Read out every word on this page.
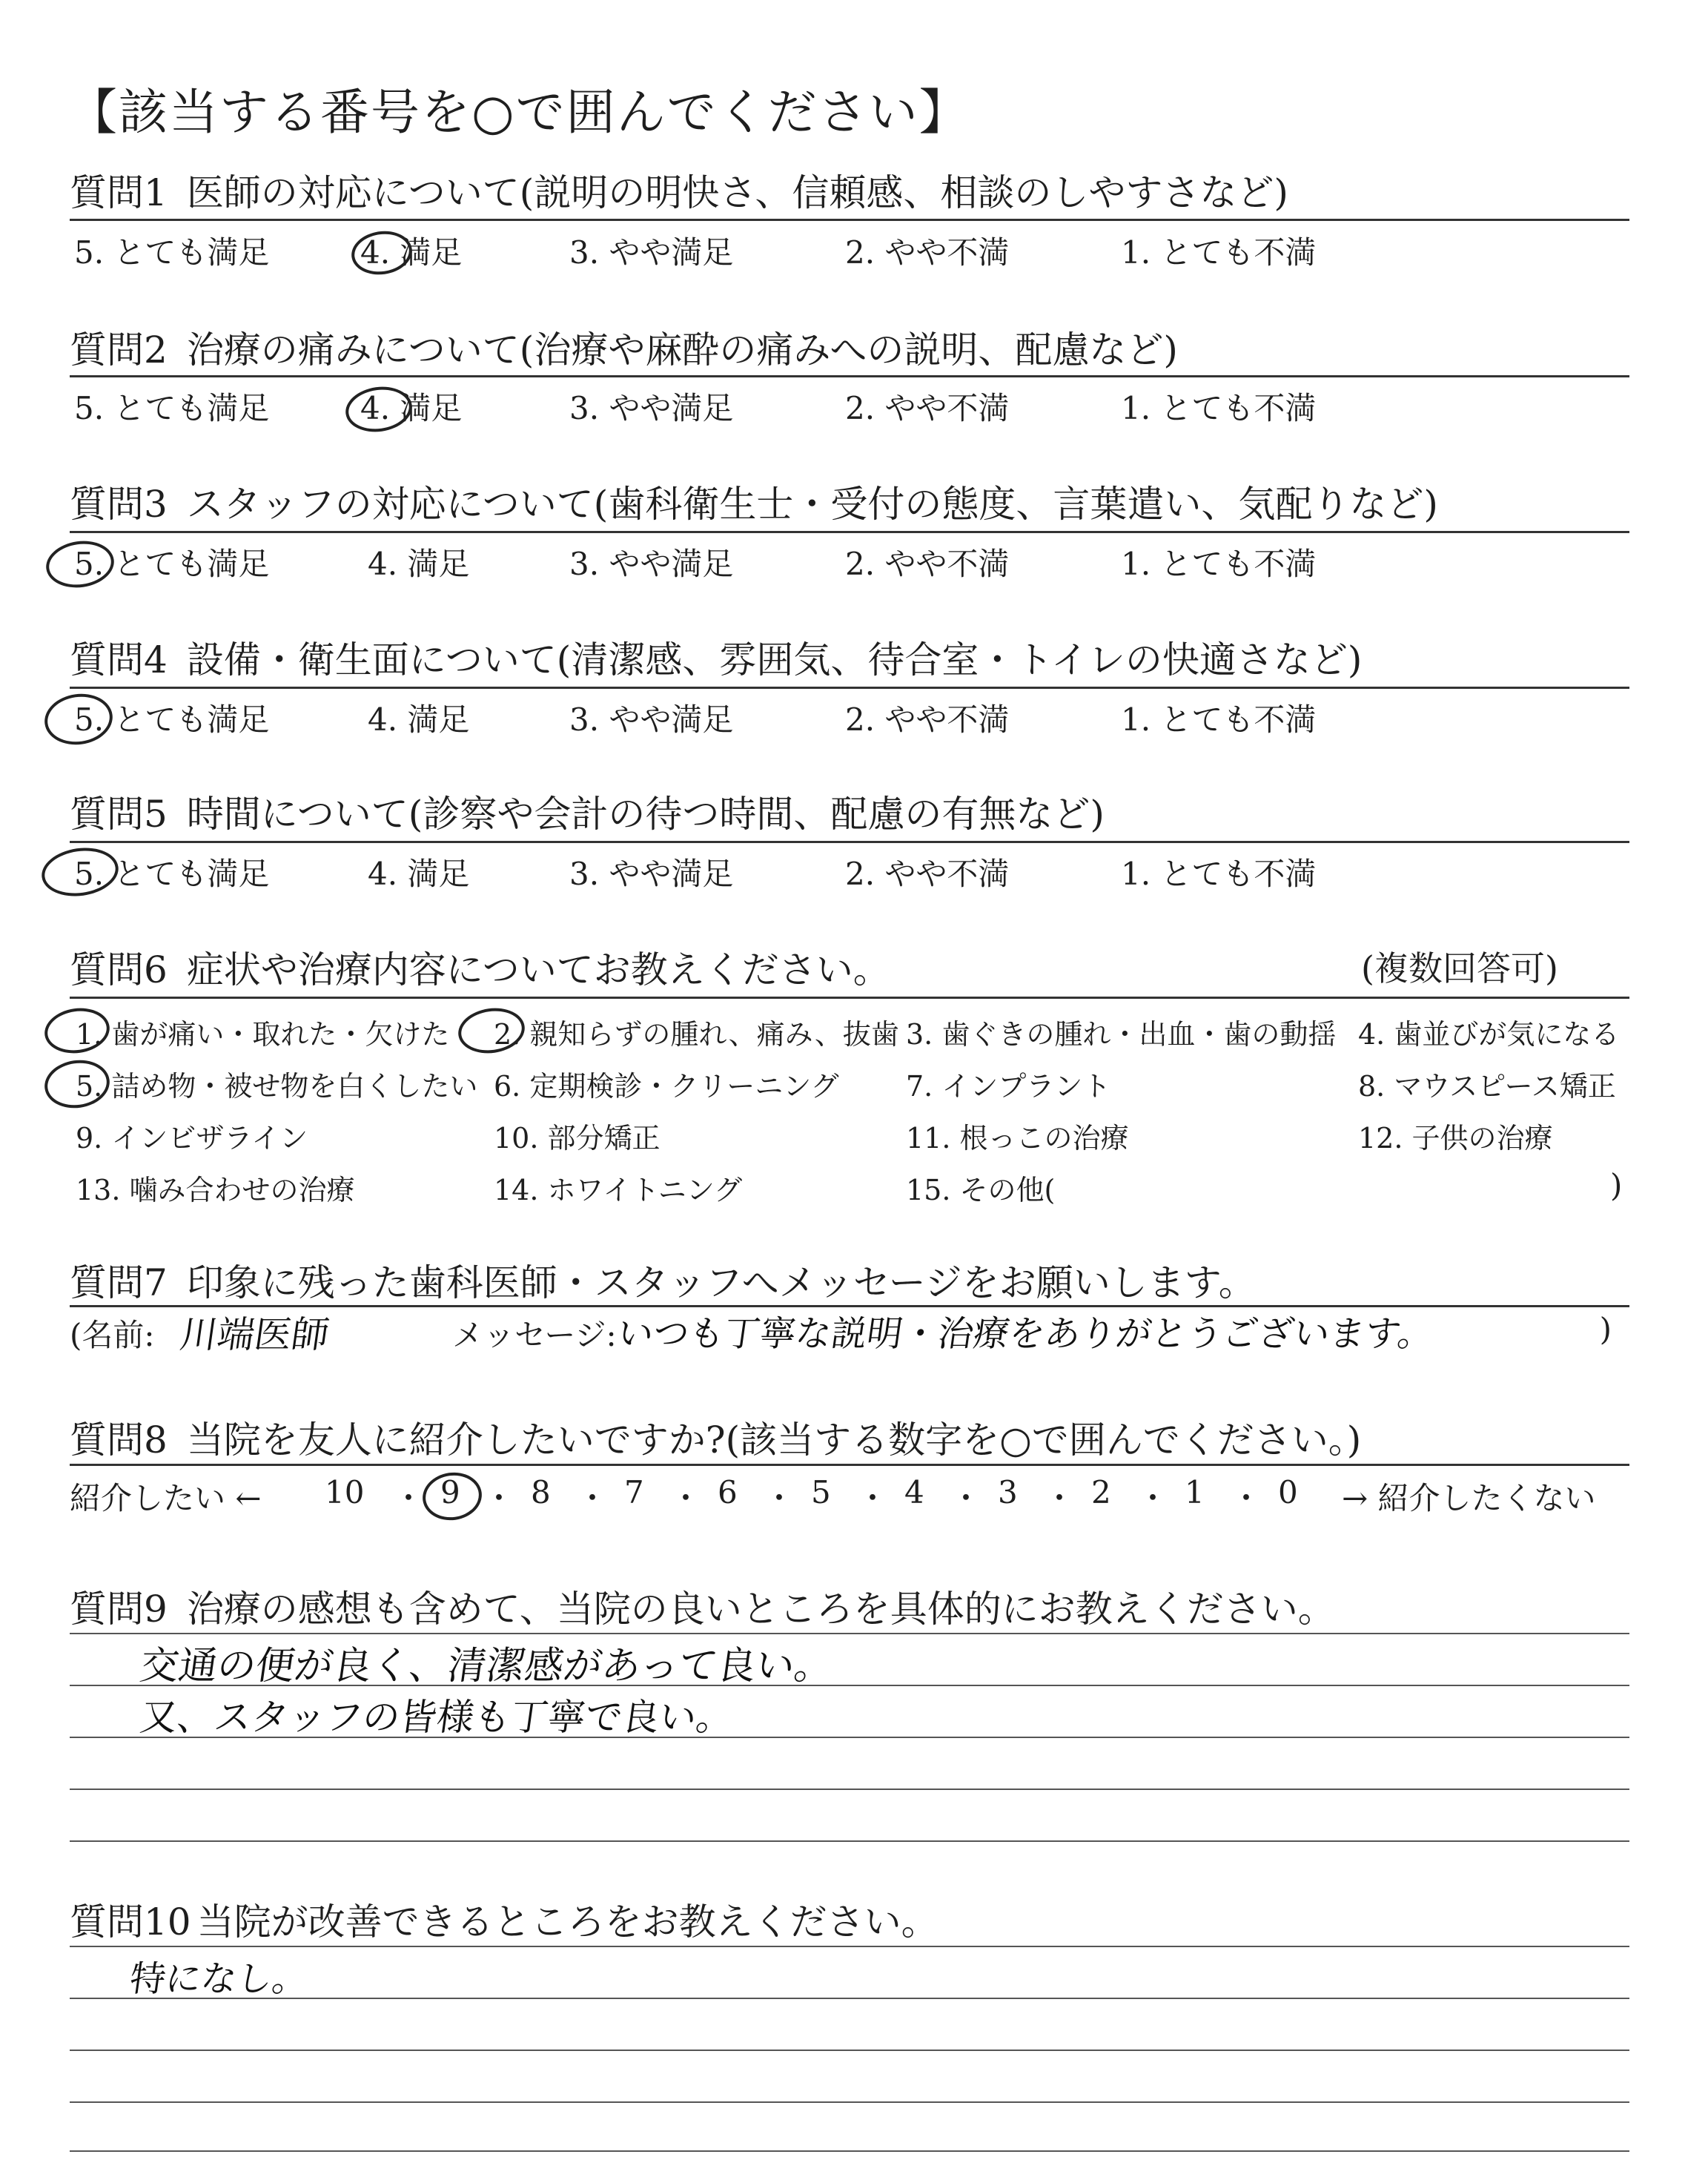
【該当する番号を○で囲んでください】
質問1 医師の対応について(説明の明快さ、信頼感、相談のしやすさなど)
5. とても満足	4. 満足	3. やや満足	2. やや不満	1. とても不満
質問2 治療の痛みについて(治療や麻酔の痛みへの説明、配慮など)
5. とても満足	4. 満足	3. やや満足	2. やや不満	1. とても不満
質問3 スタッフの対応について(歯科衛生士・受付の態度、言葉遣い、気配りなど)
5. とても満足	4. 満足	3. やや満足	2. やや不満	1. とても不満
質問4 設備・衛生面について(清潔感、雰囲気、待合室・トイレの快適さなど)
5. とても満足	4. 満足	3. やや満足	2. やや不満	1. とても不満
質問5 時間について(診察や会計の待つ時間、配慮の有無など)
5. とても満足	4. 満足	3. やや満足	2. やや不満	1. とても不満
質問6 症状や治療内容についてお教えください。	(複数回答可)
1. 歯が痛い・取れた・欠けた 2. 親知らずの腫れ、痛み、抜歯 3. 歯ぐきの腫れ・出血・歯の動揺 4. 歯並びが気になる
5. 詰め物・被せ物を白くしたい 6. 定期検診・クリーニング 7. インプラント	8. マウスピース矯正
9. インビザライン	10. 部分矯正	11. 根っこの治療	12. 子供の治療
13. 噛み合わせの治療	14. ホワイトニング	15. その他(	)
質問7 印象に残った歯科医師・スタッフへメッセージをお願いします。
(名前: 川端医師	メッセージ:
いつも丁寧な説明・治療をありがとうございます。	)
質問8 当院を友人に紹介したいですか?(該当する数字を○で囲んでください。)
紹介したい ← 10 ・ 9 ・ 8 ・ 7 ・ 6 ・ 5 ・ 4 ・ 3 ・ 2 ・ 1 ・ 0 → 紹介したくない
質問9 治療の感想も含めて、当院の良いところを具体的にお教えください。
交通の便が良く、清潔感があって良い。
又、スタッフの皆様も丁寧で良い。
質問10 当院が改善できるところをお教えください。
特になし。
